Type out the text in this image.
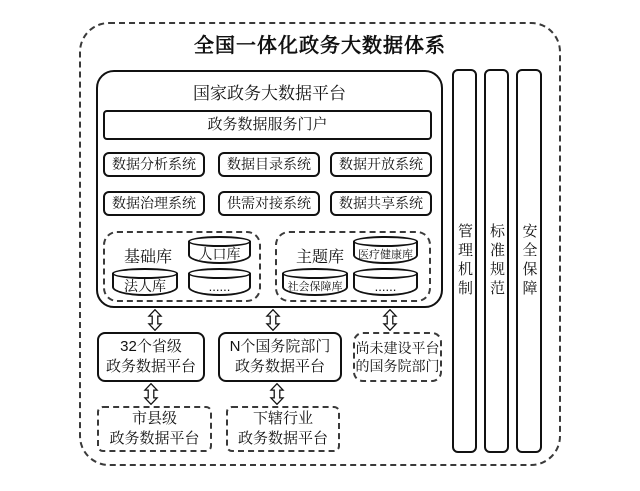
全国一体化政务大数据体系
国家政务大数据平台
政务数据服务门户
数据分析系统	数据目录系统	数据开放系统
数据治理系统	供需对接系统	数据共享系统
基础库	人口库
法人库	......
主题库	医疗健康库
社会保障库	......	管理机制 标准规范 安全保障
32个省级
政务数据平台
N个国务院部门
政务数据平台
尚未建设平台
的国务院部门
市县级
政务数据平台
下辖行业
政务数据平台
